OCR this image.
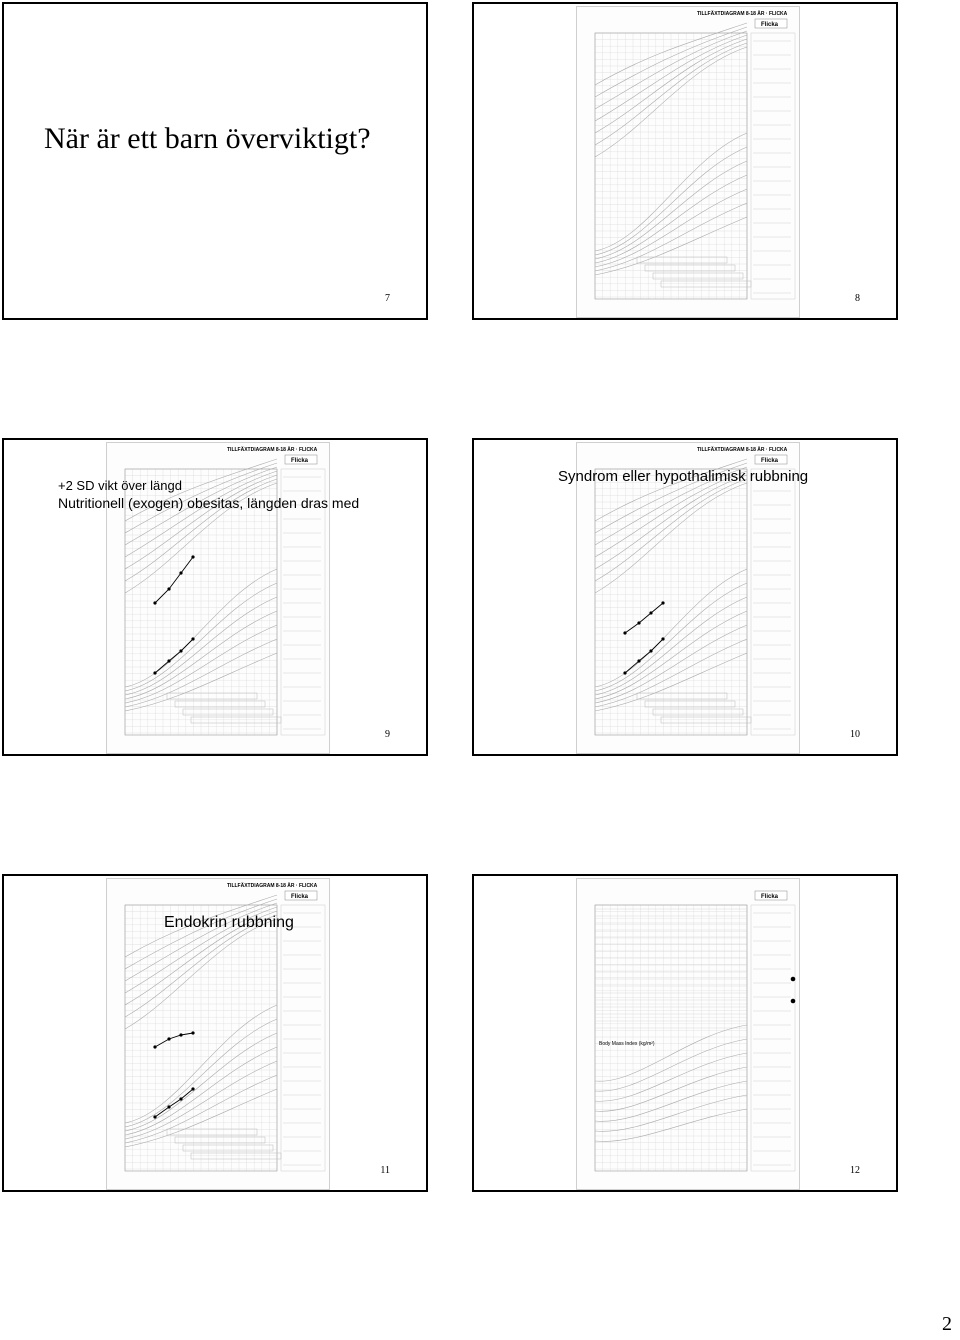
När är ett barn överviktigt?
7
TILLFÄXTDIAGRAM 8-18 ÅR · FLICKA
Flicka
8
TILLFÄXTDIAGRAM 8-18 ÅR · FLICKA
Flicka
+2 SD vikt över längd
Nutritionell (exogen) obesitas, längden dras med
9
TILLFÄXTDIAGRAM 8-18 ÅR · FLICKA
Flicka
Syndrom eller hypothalimisk rubbning
10
TILLFÄXTDIAGRAM 8-18 ÅR · FLICKA
Flicka
Endokrin rubbning
11
Flicka
Body Mass Index (kg/m²)
12
2
